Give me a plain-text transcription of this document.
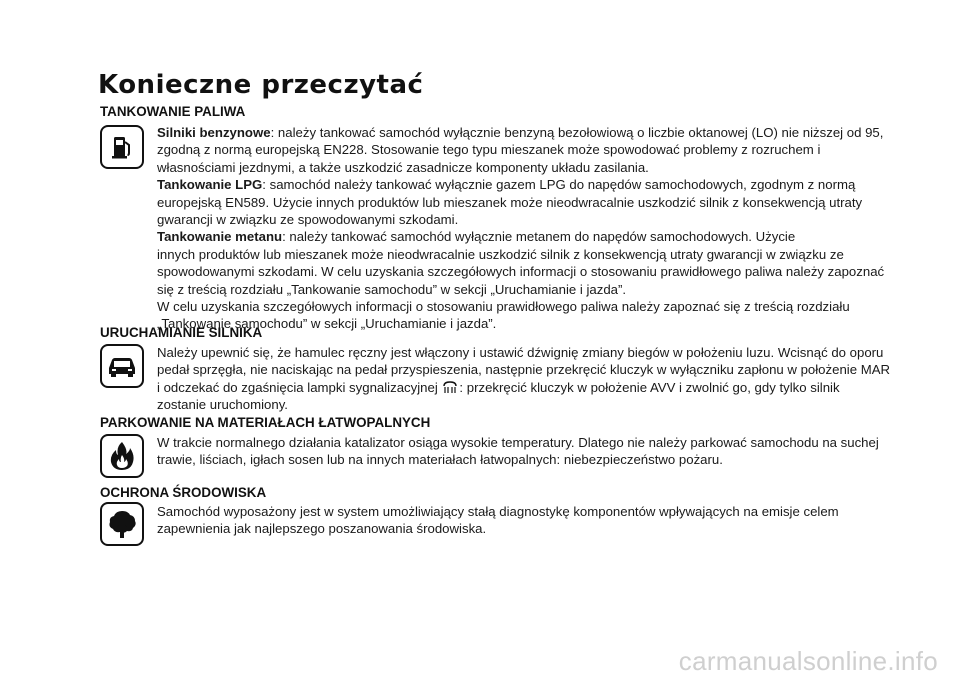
Konieczne przeczytać
TANKOWANIE PALIWA

Silniki benzynowe: należy tankować samochód wyłącznie benzyną bezołowiową o liczbie oktanowej (LO) nie niższej od 95, zgodną z normą europejską EN228. Stosowanie tego typu mieszanek może spowodować problemy z rozruchem i własnościami jezdnymi, a także uszkodzić zasadnicze komponenty układu zasilania.

Tankowanie LPG: samochód należy tankować wyłącznie gazem LPG do napędów samochodowych, zgodnym z normą europejską EN589. Użycie innych produktów lub mieszanek może nieodwracalnie uszkodzić silnik z konsekwencją utraty gwarancji w związku ze spowodowanymi szkodami.

Tankowanie metanu: należy tankować samochód wyłącznie metanem do napędów samochodowych. Użycie
innych produktów lub mieszanek może nieodwracalnie uszkodzić silnik z konsekwencją utraty gwarancji w związku ze spowodowanymi szkodami. W celu uzyskania szczegółowych informacji o stosowaniu prawidłowego paliwa należy zapoznać się z treścią rozdziału „Tankowanie samochodu” w sekcji „Uruchamianie i jazda”.

W celu uzyskania szczegółowych informacji o stosowaniu prawidłowego paliwa należy zapoznać się z treścią rozdziału „Tankowanie samochodu” w sekcji „Uruchamianie i jazda”.

URUCHAMIANIE SILNIKA

Należy upewnić się, że hamulec ręczny jest włączony i ustawić dźwignię zmiany biegów w położeniu luzu. Wcisnąć do oporu pedał sprzęgła, nie naciskając na pedał przyspieszenia, następnie przekręcić kluczyk w wyłączniku zapłonu w położenie MAR i odczekać do zgaśnięcia lampki sygnalizacyjnej : przekręcić kluczyk w położenie AVV i zwolnić go, gdy tylko silnik zostanie uruchomiony.

PARKOWANIE NA MATERIAŁACH ŁATWOPALNYCH

W trakcie normalnego działania katalizator osiąga wysokie temperatury. Dlatego nie należy parkować samochodu na suchej trawie, liściach, igłach sosen lub na innych materiałach łatwopalnych: niebezpieczeństwo pożaru.

OCHRONA ŚRODOWISKA

Samochód wyposażony jest w system umożliwiający stałą diagnostykę komponentów wpływających na emisje celem zapewnienia jak najlepszego poszanowania środowiska.

carmanualsonline.info
